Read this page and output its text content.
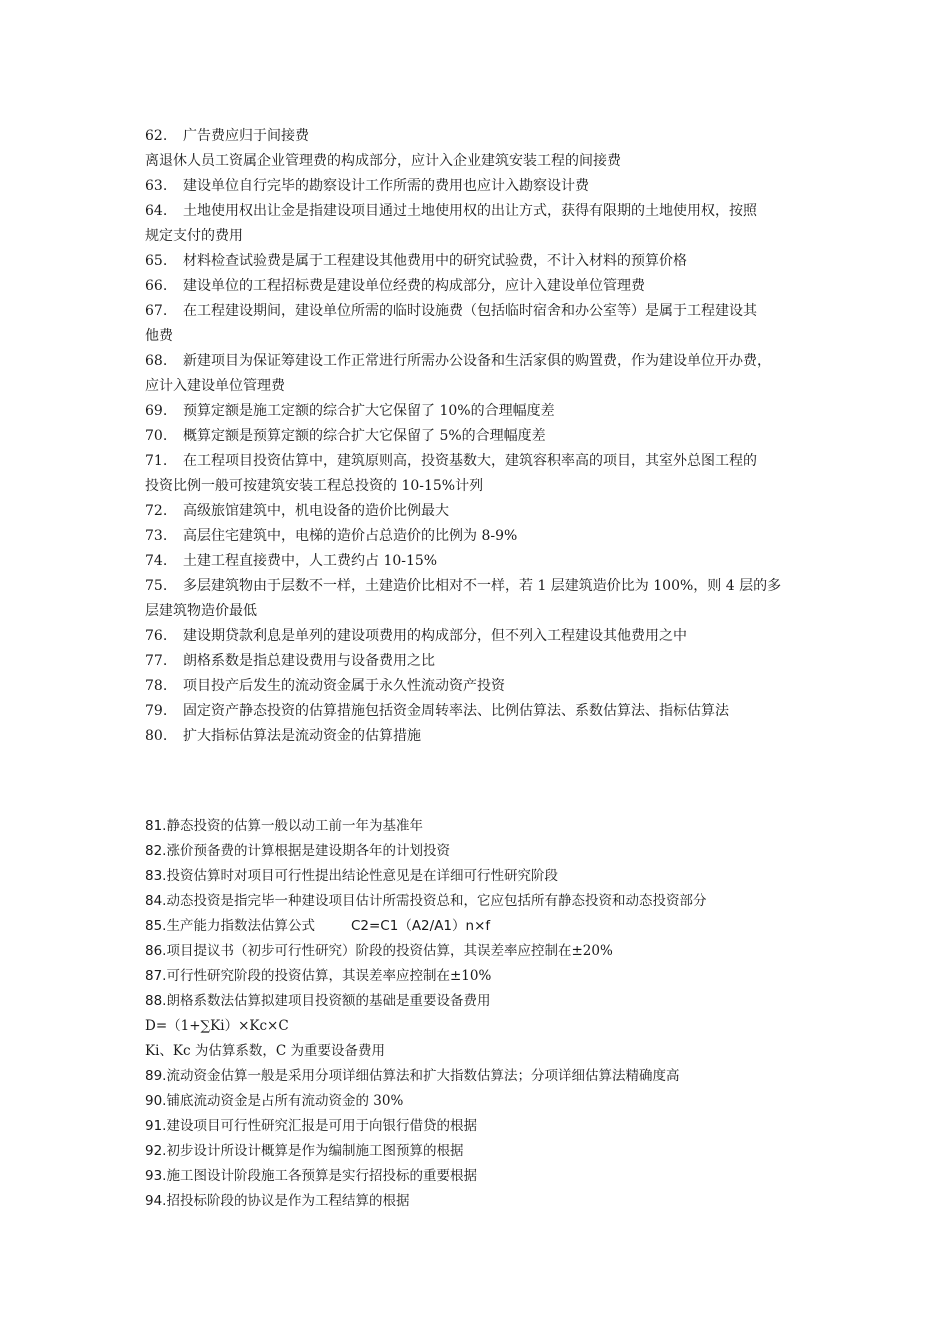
62. 广告费应归于间接费
离退休人员工资属企业管理费的构成部分，应计入企业建筑安装工程的间接费
63. 建设单位自行完毕的勘察设计工作所需的费用也应计入勘察设计费
64. 土地使用权出让金是指建设项目通过土地使用权的出让方式，获得有限期的土地使用权，按照
规定支付的费用
65. 材料检查试验费是属于工程建设其他费用中的研究试验费，不计入材料的预算价格
66. 建设单位的工程招标费是建设单位经费的构成部分，应计入建设单位管理费
67. 在工程建设期间，建设单位所需的临时设施费（包括临时宿舍和办公室等）是属于工程建设其
他费
68. 新建项目为保证筹建设工作正常进行所需办公设备和生活家俱的购置费，作为建设单位开办费，
应计入建设单位管理费
69. 预算定额是施工定额的综合扩大它保留了 10%的合理幅度差
70. 概算定额是预算定额的综合扩大它保留了 5%的合理幅度差
71. 在工程项目投资估算中，建筑原则高，投资基数大，建筑容积率高的项目，其室外总图工程的
投资比例一般可按建筑安装工程总投资的 10-15%计列
72. 高级旅馆建筑中，机电设备的造价比例最大
73. 高层住宅建筑中，电梯的造价占总造价的比例为 8-9%
74. 土建工程直接费中，人工费约占 10-15%
75. 多层建筑物由于层数不一样，土建造价比相对不一样，若 1 层建筑造价比为 100%，则 4 层的多
层建筑物造价最低
76. 建设期贷款利息是单列的建设项费用的构成部分，但不列入工程建设其他费用之中
77. 朗格系数是指总建设费用与设备费用之比
78. 项目投产后发生的流动资金属于永久性流动资产投资
79. 固定资产静态投资的估算措施包括资金周转率法、比例估算法、系数估算法、指标估算法
80. 扩大指标估算法是流动资金的估算措施
81.静态投资的估算一般以动工前一年为基准年
82.涨价预备费的计算根据是建设期各年的计划投资
83.投资估算时对项目可行性提出结论性意见是在详细可行性研究阶段
84.动态投资是指完毕一种建设项目估计所需投资总和，它应包括所有静态投资和动态投资部分
85.生产能力指数法估算公式	C2=C1（A2/A1）n×f
86.项目提议书（初步可行性研究）阶段的投资估算，其误差率应控制在±20%
87.可行性研究阶段的投资估算，其误差率应控制在±10%
88.朗格系数法估算拟建项目投资额的基础是重要设备费用
D=（1+∑Ki）×Kc×C
Ki、Kc 为估算系数，C 为重要设备费用
89.流动资金估算一般是采用分项详细估算法和扩大指数估算法；分项详细估算法精确度高
90.铺底流动资金是占所有流动资金的 30%
91.建设项目可行性研究汇报是可用于向银行借贷的根据
92.初步设计所设计概算是作为编制施工图预算的根据
93.施工图设计阶段施工各预算是实行招投标的重要根据
94.招投标阶段的协议是作为工程结算的根据
